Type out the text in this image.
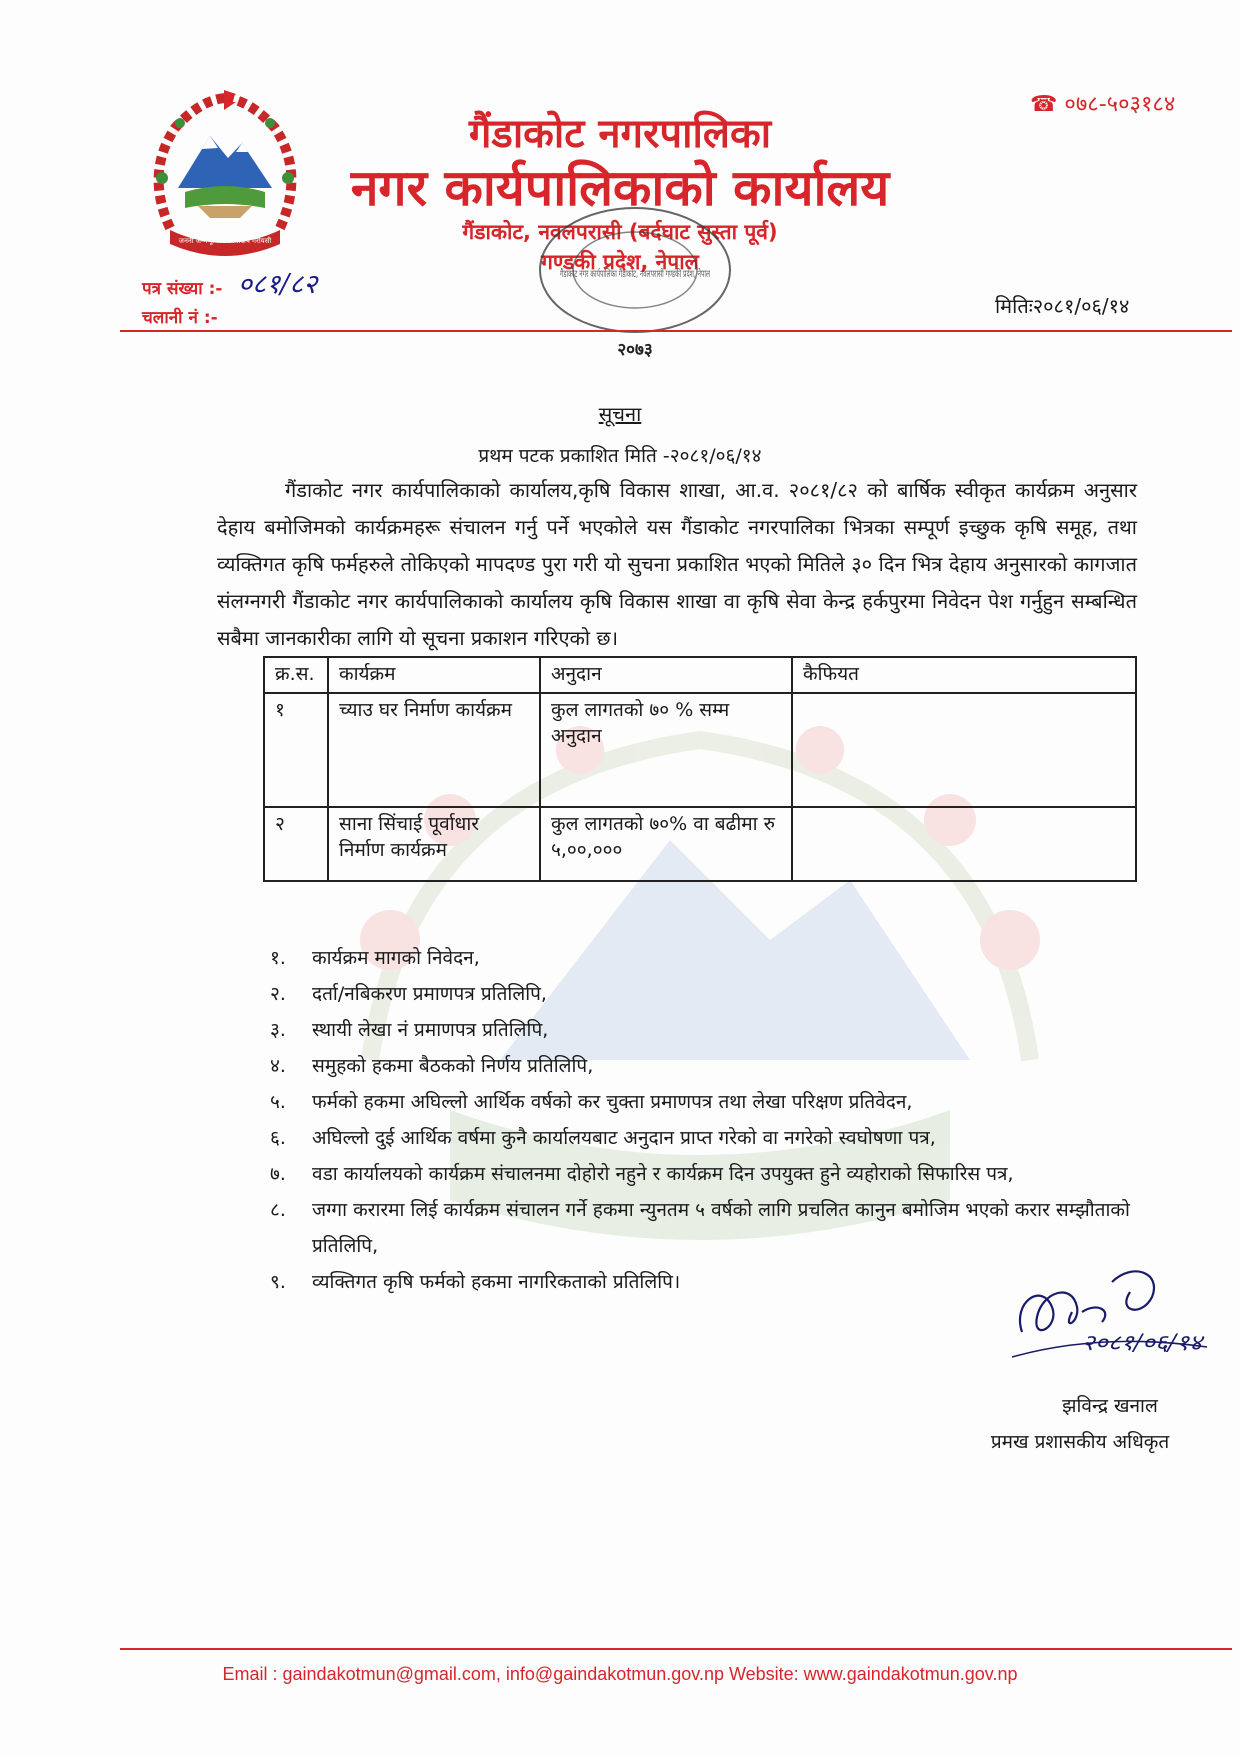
जननी जन्मभूमिश्च स्वर्गादपि गरीयसी
☎ ०७८-५०३१८४
गैंडाकोट नगरपालिका
नगर कार्यपालिकाको कार्यालय
गैंडाकोट, नवलपरासी (बर्दघाट सुस्ता पूर्व)
गण्डकी प्रदेश, नेपाल
गैंडाकोट नगर कार्यपालिका गैंडाकोट, नवलपरासी गण्डकी प्रदेश, नेपाल
२०७३
पत्र संख्या :- ०८१/८२
चलानी नं :-	मितिः२०८१/०६/१४
सूचना
प्रथम पटक प्रकाशित मिति -२०८१/०६/१४
गैंडाकोट नगर कार्यपालिकाको कार्यालय,कृषि विकास शाखा, आ.व. २०८१/८२ को बार्षिक स्वीकृत कार्यक्रम अनुसार देहाय बमोजिमको कार्यक्रमहरू संचालन गर्नु पर्ने भएकोले यस गैंडाकोट नगरपालिका भित्रका सम्पूर्ण इच्छुक कृषि समूह, तथा व्यक्तिगत कृषि फर्महरुले तोकिएको मापदण्ड पुरा गरी यो सुचना प्रकाशित भएको मितिले ३० दिन भित्र देहाय अनुसारको कागजात संलग्नगरी गैंडाकोट नगर कार्यपालिकाको कार्यालय कृषि विकास शाखा वा कृषि सेवा केन्द्र हर्कपुरमा निवेदन पेश गर्नुहुन सम्बन्धित सबैमा जानकारीका लागि यो सूचना प्रकाशन गरिएको छ।
क्र.स.	कार्यक्रम	अनुदान	कैफियत
१	च्याउ घर निर्माण कार्यक्रम	कुल लागतको ७० % सम्म अनुदान	
२	साना सिंचाई पूर्वाधार निर्माण कार्यक्रम	कुल लागतको ७०% वा बढीमा रु ५,००,०००	
१.	कार्यक्रम मागको निवेदन,
२.	दर्ता/नबिकरण प्रमाणपत्र प्रतिलिपि,
३.	स्थायी लेखा नं प्रमाणपत्र प्रतिलिपि,
४.	समुहको हकमा बैठकको निर्णय प्रतिलिपि,
५.	फर्मको हकमा अघिल्लो आर्थिक वर्षको कर चुक्ता प्रमाणपत्र तथा लेखा परिक्षण प्रतिवेदन,
६.	अघिल्लो दुई आर्थिक वर्षमा कुनै कार्यालयबाट अनुदान प्राप्त गरेको वा नगरेको स्वघोषणा पत्र,
७.	वडा कार्यालयको कार्यक्रम संचालनमा दोहोरो नहुने र कार्यक्रम दिन उपयुक्त हुने व्यहोराको सिफारिस पत्र,
८.	जग्गा करारमा लिई कार्यक्रम संचालन गर्ने हकमा न्युनतम ५ वर्षको लागि प्रचलित कानुन बमोजिम भएको करार सम्झौताको प्रतिलिपि,
९.	व्यक्तिगत कृषि फर्मको हकमा नागरिकताको प्रतिलिपि।
२०८१/०६/१४
झविन्द्र खनाल
प्रमख प्रशासकीय अधिकृत
Email : gaindakotmun@gmail.com, info@gaindakotmun.gov.np Website: www.gaindakotmun.gov.np
